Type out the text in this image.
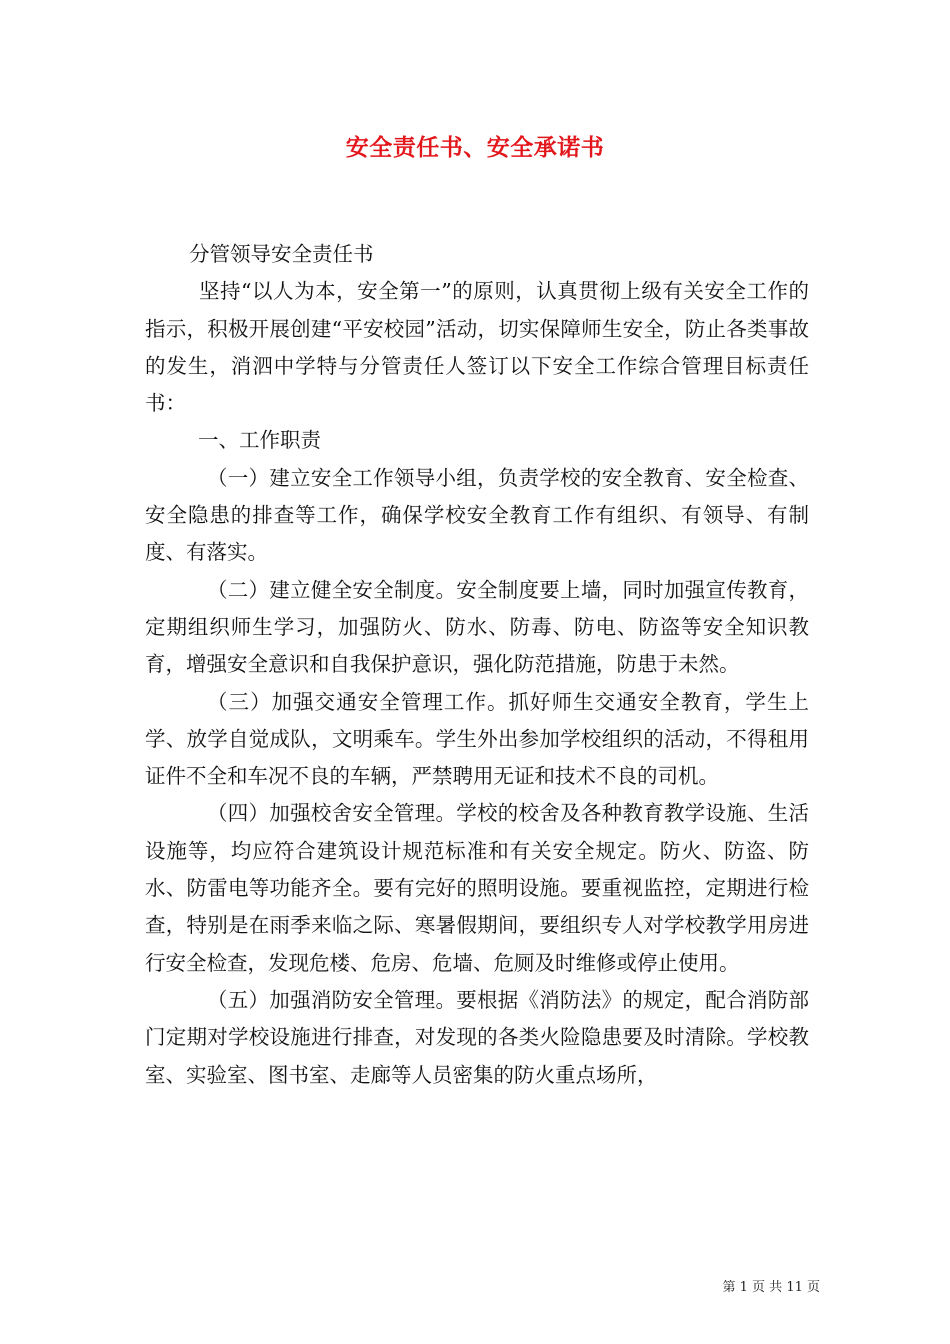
安全责任书、安全承诺书

分管领导安全责任书

坚持“以人为本，安全第一”的原则，认真贯彻上级有关安全工作的指示，积极开展创建“平安校园”活动，切实保障师生安全，防止各类事故的发生，消泗中学特与分管责任人签订以下安全工作综合管理目标责任书：

一、工作职责

（一）建立安全工作领导小组，负责学校的安全教育、安全检查、安全隐患的排查等工作，确保学校安全教育工作有组织、有领导、有制度、有落实。

（二）建立健全安全制度。安全制度要上墙，同时加强宣传教育，定期组织师生学习，加强防火、防水、防毒、防电、防盗等安全知识教育，增强安全意识和自我保护意识，强化防范措施，防患于未然。

（三）加强交通安全管理工作。抓好师生交通安全教育，学生上学、放学自觉成队，文明乘车。学生外出参加学校组织的活动，不得租用证件不全和车况不良的车辆，严禁聘用无证和技术不良的司机。

（四）加强校舍安全管理。学校的校舍及各种教育教学设施、生活设施等，均应符合建筑设计规范标准和有关安全规定。防火、防盗、防水、防雷电等功能齐全。要有完好的照明设施。要重视监控，定期进行检查，特别是在雨季来临之际、寒暑假期间，要组织专人对学校教学用房进行安全检查，发现危楼、危房、危墙、危厕及时维修或停止使用。

（五）加强消防安全管理。要根据《消防法》的规定，配合消防部门定期对学校设施进行排查，对发现的各类火险隐患要及时清除。学校教室、实验室、图书室、走廊等人员密集的防火重点场所，

第 1 页 共 11 页
